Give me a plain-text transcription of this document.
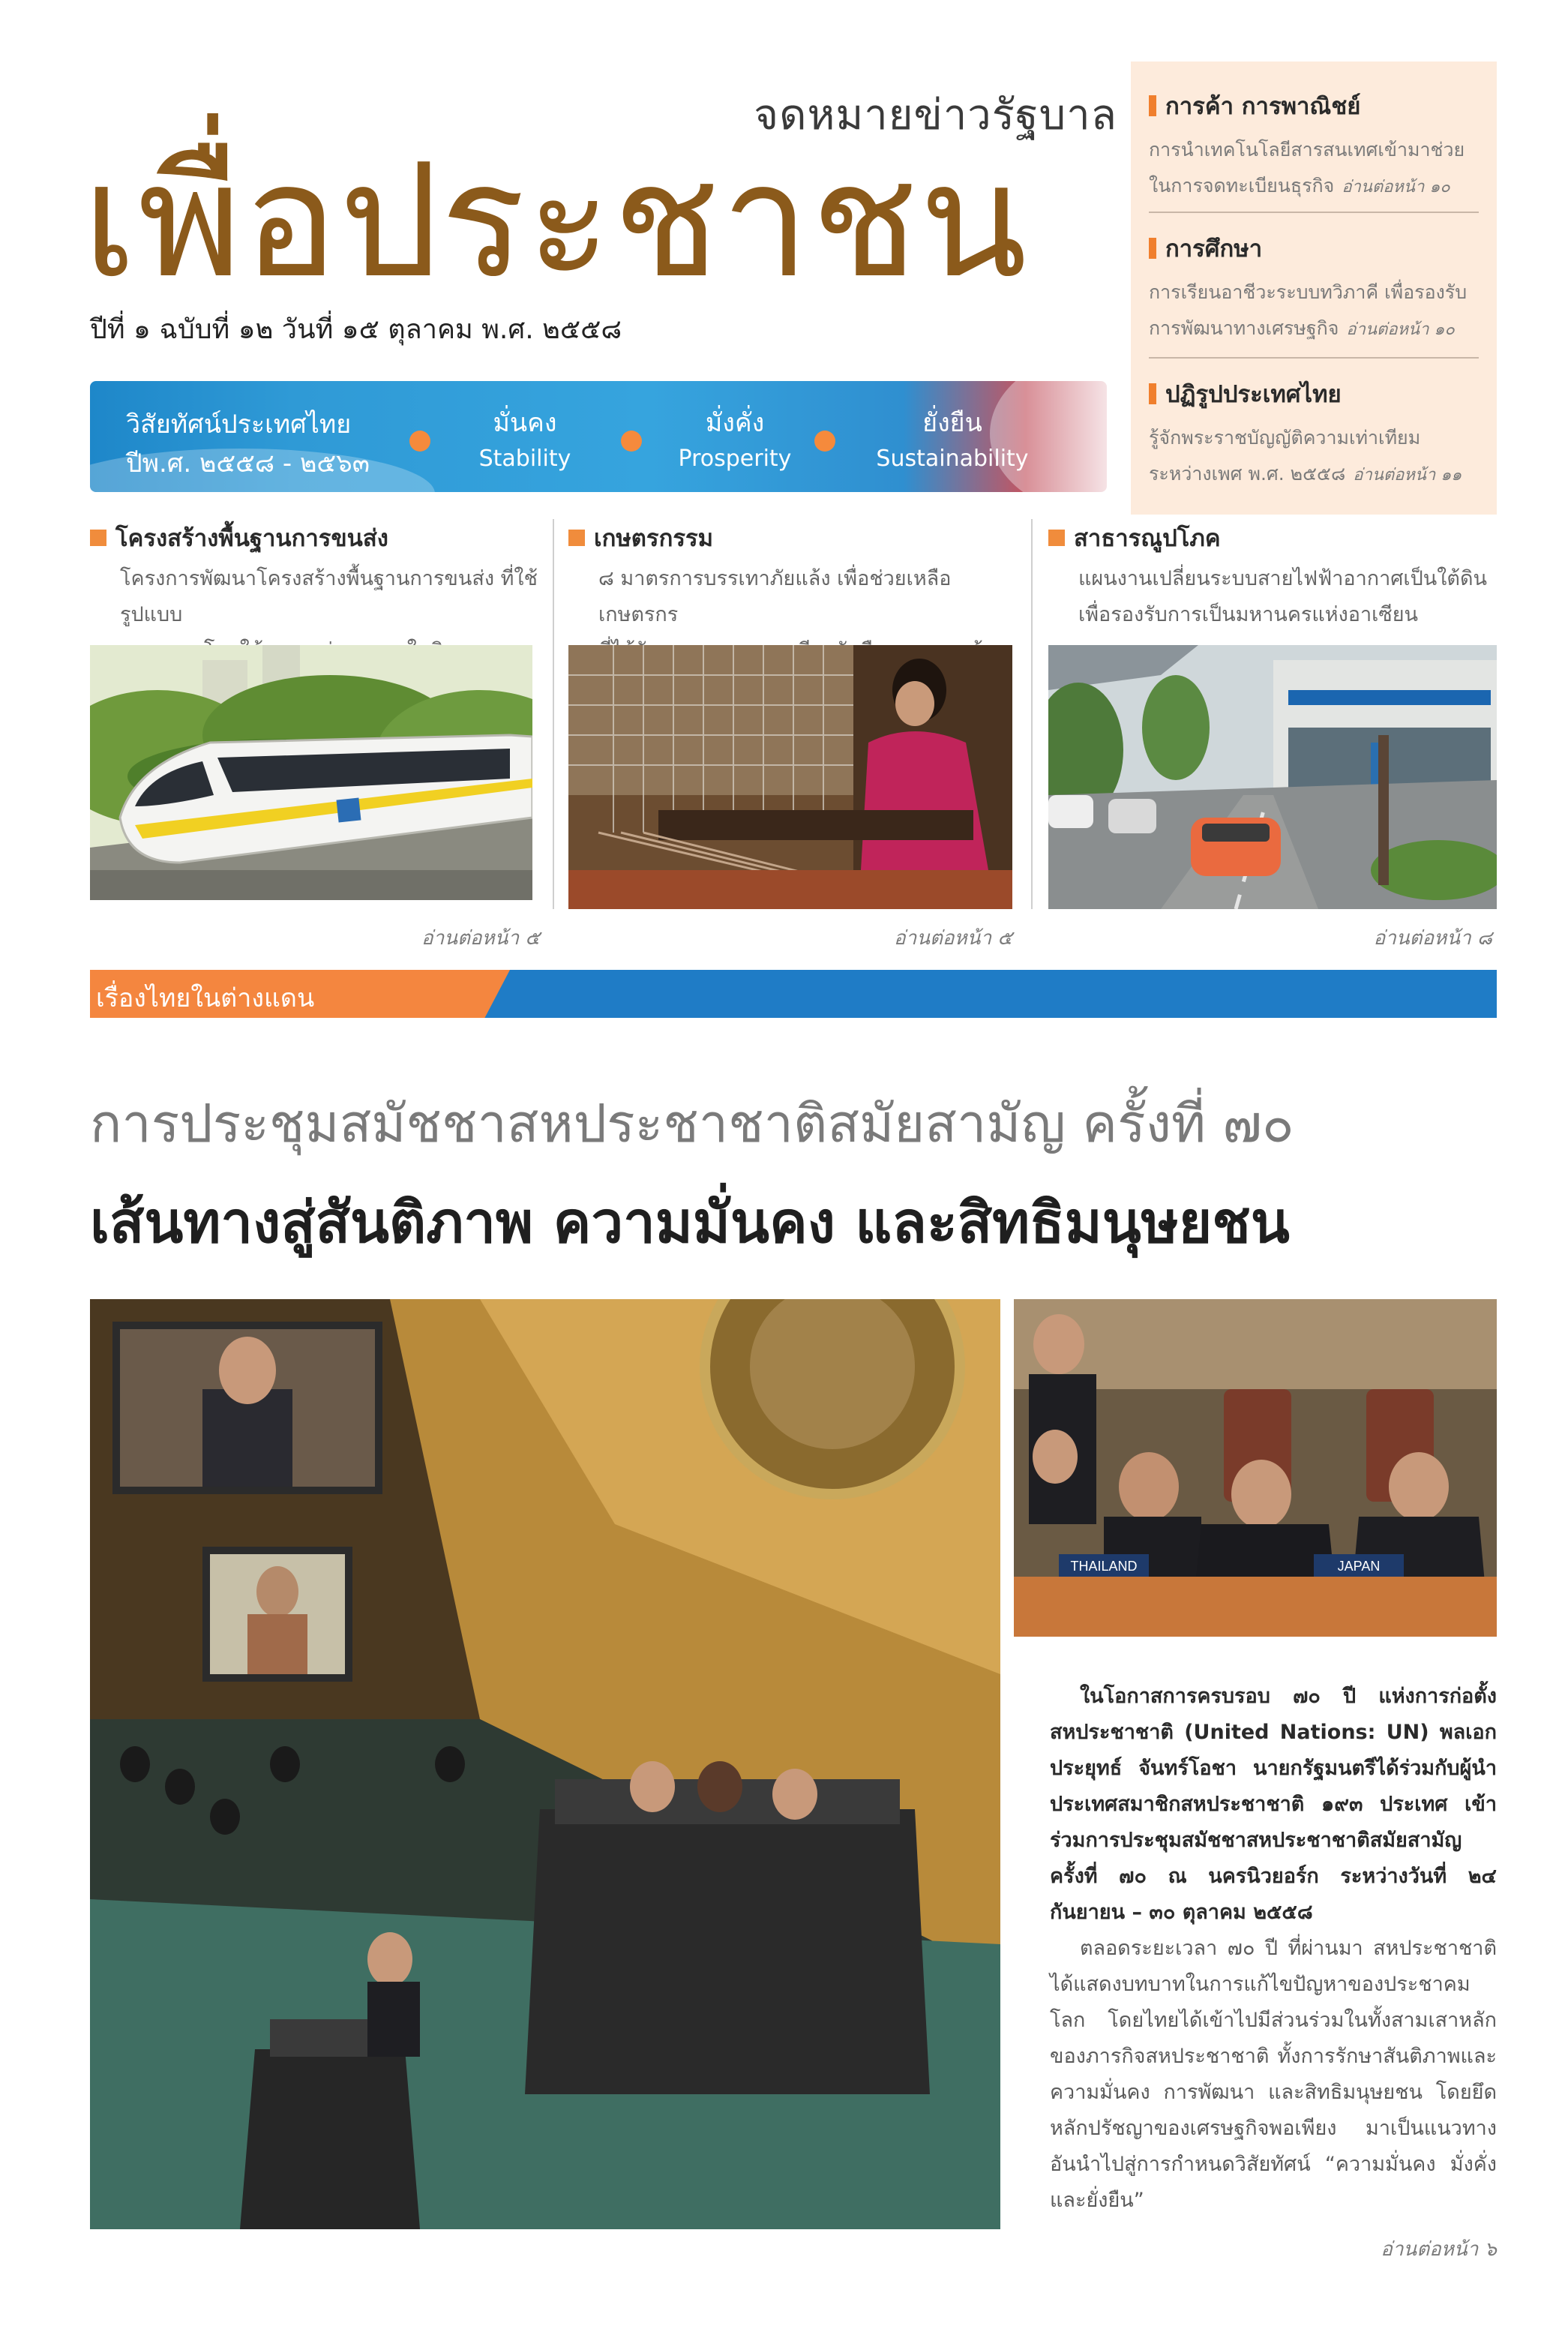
จดหมายข่าวรัฐบาล
เพื่อประชาชน
ปีที่ ๑ ฉบับที่ ๑๒ วันที่ ๑๕ ตุลาคม พ.ศ. ๒๕๕๘
การค้า การพาณิชย์
การนำเทคโนโลยีสารสนเทศเข้ามาช่วยในการจดทะเบียนธุรกิจ อ่านต่อหน้า ๑๐
การศึกษา
การเรียนอาชีวะระบบทวิภาคี เพื่อรองรับการพัฒนาทางเศรษฐกิจ อ่านต่อหน้า ๑๐
ปฏิรูปประเทศไทย
รู้จักพระราชบัญญัติความเท่าเทียมระหว่างเพศ พ.ศ. ๒๕๕๘ อ่านต่อหน้า ๑๑
วิสัยทัศน์ประเทศไทย
ปีพ.ศ. ๒๕๕๘ - ๒๕๖๓
มั่นคง
Stability
มั่งคั่ง
Prosperity
ยั่งยืน
Sustainability
โครงสร้างพื้นฐานการขนส่ง
โครงการพัฒนาโครงสร้างพื้นฐานการขนส่ง ที่ใช้รูปแบบ
เกษตรกรรม
๘ มาตรการบรรเทาภัยแล้ง เพื่อช่วยเหลือเกษตรกร
สาธารณูปโภค
แผนงานเปลี่ยนระบบสายไฟฟ้าอากาศเป็นใต้ดิน
เพื่อรองรับการเป็นมหานครแห่งอาเซียน
อ่านต่อหน้า ๕	อ่านต่อหน้า ๕	อ่านต่อหน้า ๘
เรื่องไทยในต่างแดน
การประชุมสมัชชาสหประชาชาติสมัยสามัญ ครั้งที่ ๗๐
เส้นทางสู่สันติภาพ ความมั่นคง และสิทธิมนุษยชน
THAILAND	JAPAN
ในโอกาสการครบรอบ ๗๐ ปี แห่งการก่อตั้งสหประชาชาติ (United Nations: UN) พลเอก ประยุทธ์ จันทร์โอชา นายกรัฐมนตรีได้ร่วมกับผู้นำประเทศสมาชิกสหประชาชาติ ๑๙๓ ประเทศ เข้าร่วมการประชุมสมัชชาสหประชาชาติสมัยสามัญ ครั้งที่ ๗๐ ณ นครนิวยอร์ก ระหว่างวันที่ ๒๔ กันยายน – ๓๐ ตุลาคม ๒๕๕๘
ตลอดระยะเวลา ๗๐ ปี ที่ผ่านมา สหประชาชาติได้แสดงบทบาทในการแก้ไขปัญหาของประชาคมโลก โดยไทยได้เข้าไปมีส่วนร่วมในทั้งสามเสาหลักของภารกิจสหประชาชาติ ทั้งการรักษาสันติภาพและความมั่นคง การพัฒนา และสิทธิมนุษยชน โดยยึดหลักปรัชญาของเศรษฐกิจพอเพียง มาเป็นแนวทาง อันนำไปสู่การกำหนดวิสัยทัศน์ “ความมั่นคง มั่งคั่ง และยั่งยืน”
อ่านต่อหน้า ๖
